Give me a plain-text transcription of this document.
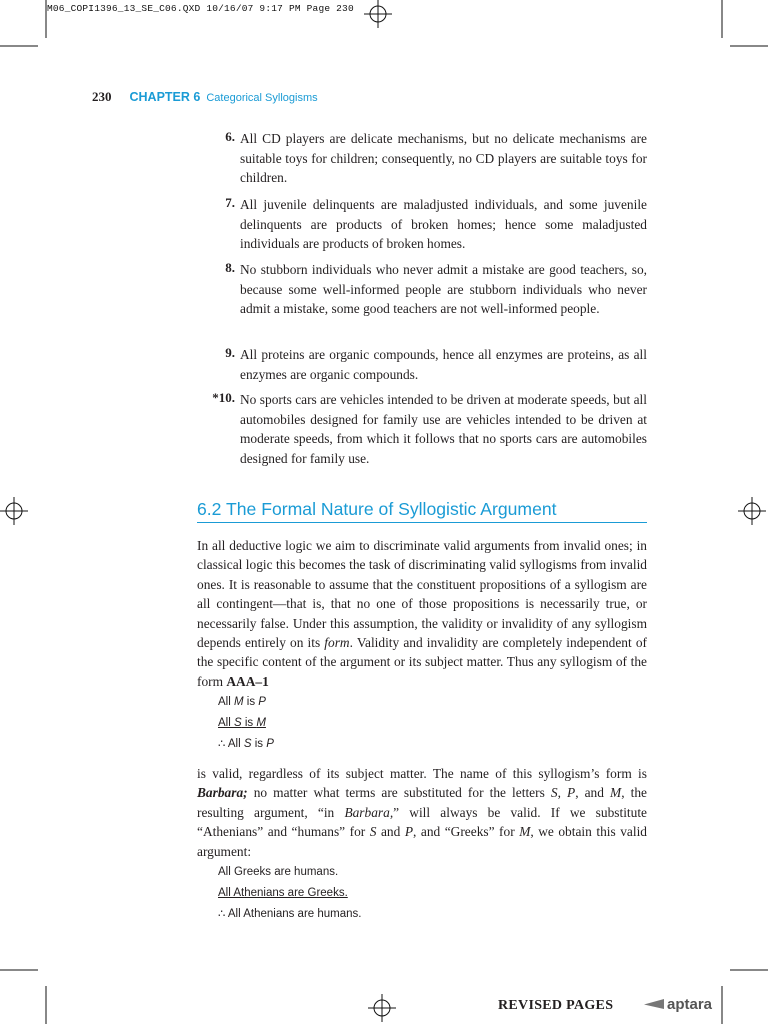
M06_COPI1396_13_SE_C06.QXD 10/16/07 9:17 PM Page 230
230 CHAPTER 6 Categorical Syllogisms
6. All CD players are delicate mechanisms, but no delicate mechanisms are suitable toys for children; consequently, no CD players are suitable toys for children.
7. All juvenile delinquents are maladjusted individuals, and some juvenile delinquents are products of broken homes; hence some maladjusted individuals are products of broken homes.
8. No stubborn individuals who never admit a mistake are good teachers, so, because some well-informed people are stubborn individuals who never admit a mistake, some good teachers are not well-informed people.
9. All proteins are organic compounds, hence all enzymes are proteins, as all enzymes are organic compounds.
*10. No sports cars are vehicles intended to be driven at moderate speeds, but all automobiles designed for family use are vehicles intended to be driven at moderate speeds, from which it follows that no sports cars are automobiles designed for family use.
6.2 The Formal Nature of Syllogistic Argument
In all deductive logic we aim to discriminate valid arguments from invalid ones; in classical logic this becomes the task of discriminating valid syllogisms from invalid ones. It is reasonable to assume that the constituent propositions of a syllogism are all contingent—that is, that no one of those propositions is necessarily true, or necessarily false. Under this assumption, the validity or invalidity of any syllogism depends entirely on its form. Validity and invalidity are completely independent of the specific content of the argument or its subject matter. Thus any syllogism of the form AAA–1
All M is P
All S is M
∴ All S is P
is valid, regardless of its subject matter. The name of this syllogism’s form is Barbara; no matter what terms are substituted for the letters S, P, and M, the resulting argument, “in Barbara,” will always be valid. If we substitute “Athenians” and “humans” for S and P, and “Greeks” for M, we obtain this valid argument:
All Greeks are humans.
All Athenians are Greeks.
∴ All Athenians are humans.
REVISED PAGES	aptara
